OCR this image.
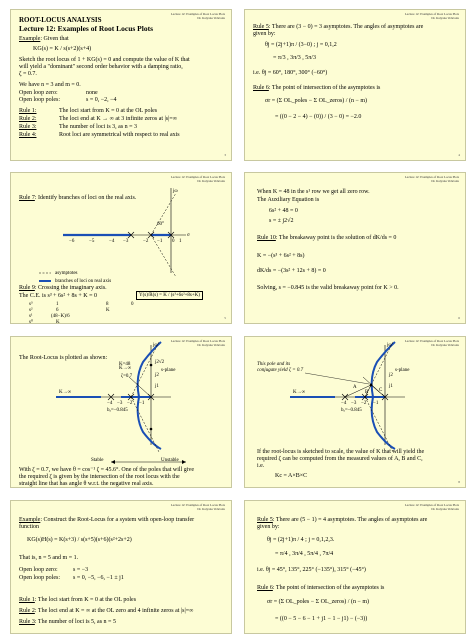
Lecture 12: Examples of Root Locus Plots
Dr. Kalyana Veluvolu
ROOT-LOCUS ANALYSIS
Lecture 12: Examples of Root Locus Plots
Example: Given that
KG(s) = K / s(s+2)(s+4)
Sketch the root locus of 1 + KG(s) = 0 and compute the value of K that
will yield a "dominant" second order behavior with a damping ratio,
ζ = 0.7.
We have n = 3 and m = 0.
Open loop zero:	none
Open loop poles:	s = 0, −2, −4
Rule 1:	The loci start from K = 0 at the OL poles
Rule 2:	The loci end at K → ∞ at 3 infinite zeros at |s|=∞
Rule 3:	The number of loci is 3, as n = 3
Rule 4:	Root loci are symmetrical with respect to real axis
3
Lecture 12: Examples of Root Locus Plots
Dr. Kalyana Veluvolu
Rule 5: There are (3 − 0) = 3 asymptotes. The angles of asymptotes are
given by:
θj = (2j+1)π / (3−0) ; j = 0,1,2
= π/3 , 3π/3 , 5π/3
i.e. θj = 60°, 180°, 300° (−60°)
Rule 6: The point of intersection of the asymptotes is
σr = (Σ OL_poles − Σ OL_zeros) / (n − m)
= ((0 − 2 − 4) − (0)) / (3 − 0) = −2.0
4
Lecture 12: Examples of Root Locus Plots
Dr. Kalyana Veluvolu
Rule 7: Identify branches of loci on the real axis.
jω
σ
60°
−6	−5	−4 −3	−2 −1 0 1
asymptotes
branches of loci on real axis
Rule 9: Crossing the imaginary axis.
The C.E. is s³ + 6s² + 8s + K = 0	Y(s)/R(s) = K / (s³+6s²+8s+K)
s³	1	8	0
s²	6	K
s¹	(48−K)/6
s⁰	K
5
Lecture 12: Examples of Root Locus Plots
Dr. Kalyana Veluvolu
When K = 48 in the s¹ row we get all zero row.
The Auxiliary Equation is
6s² + 48 = 0
s = ± j2√2
Rule 10: The breakaway point is the solution of dK/ds = 0
K = −(s³ + 6s² + 8s)
dK/ds = −(3s² + 12s + 8) = 0
Solving, s = −0.845 is the valid breakaway point for K > 0.
6
Lecture 12: Examples of Root Locus Plots
Dr. Kalyana Veluvolu
The Root-Locus is plotted as shown:
jω
K→∞
K=48	j2√2
j2
j1
s-plane
ζ=0.7
K→∞
−4 −3 −2 −1
bₐ=−0.845
Stable	Unstable
With ζ = 0.7, we have θ = cos⁻¹ ζ = 45.6°. One of the poles that will give
the required ζ is given by the intersection of the root locus with the
straight line that has angle θ w.r.t. the negative real axis.
Lecture 12: Examples of Root Locus Plots
Dr. Kalyana Veluvolu
This pole and its
conjugate yield ζ = 0.7
jω
s-plane
j2
j1
A
B C
K→∞
−4 −3 −2 −1
bₐ=−0.845
If the root-locus is sketched to scale, the value of K that will yield the
required ζ can be computed from the measured values of A, B and C,
i.e.
Kc = A×B×C
8
Lecture 12: Examples of Root Locus Plots
Dr. Kalyana Veluvolu
Example: Construct the Root-Locus for a system with open-loop transfer
function
KG(s)H(s) = K(s+3) / s(s+5)(s+6)(s²+2s+2)
That is, n = 5 and m = 1.
Open loop zero:	s = −3
Open loop poles: s = 0, −5, −6, −1 ± j1
Rule 1: The loci start from K = 0 at the OL poles
Rule 2: The loci end at K = ∞ at the OL zero and 4 infinite zeros at |s|=∞
Rule 3: The number of loci is 5, as n = 5
Lecture 12: Examples of Root Locus Plots
Dr. Kalyana Veluvolu
Rule 5: There are (5 − 1) = 4 asymptotes. The angles of asymptotes are
given by:
θj = (2j+1)π / 4 ; j = 0,1,2,3.
= π/4 , 3π/4 , 5π/4 , 7π/4
i.e. θj = 45°, 135°, 225° (−135°), 315° (−45°)
Rule 6: The point of intersection of the asymptotes is
σr = (Σ OL_poles − Σ OL_zeros) / (n − m)
= ((0 − 5 − 6 − 1 + j1 − 1 − j1) − (−3))
